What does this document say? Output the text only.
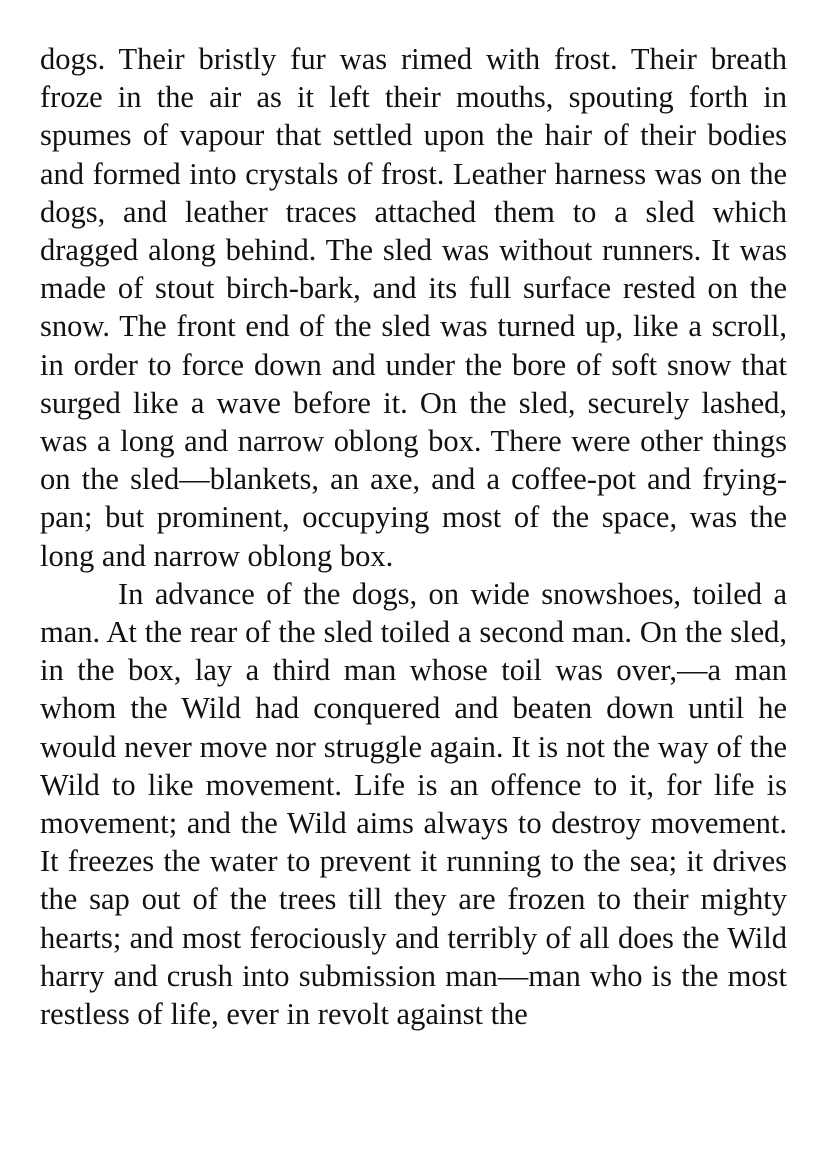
dogs. Their bristly fur was rimed with frost. Their breath froze in the air as it left their mouths, spouting forth in spumes of vapour that settled upon the hair of their bodies and formed into crystals of frost. Leather harness was on the dogs, and leather traces attached them to a sled which dragged along behind. The sled was without runners. It was made of stout birch-bark, and its full surface rested on the snow. The front end of the sled was turned up, like a scroll, in order to force down and under the bore of soft snow that surged like a wave before it. On the sled, securely lashed, was a long and narrow oblong box. There were other things on the sled—blankets, an axe, and a coffee-pot and frying-pan; but prominent, occupying most of the space, was the long and narrow oblong box.

In advance of the dogs, on wide snowshoes, toiled a man. At the rear of the sled toiled a second man. On the sled, in the box, lay a third man whose toil was over,—a man whom the Wild had conquered and beaten down until he would never move nor struggle again. It is not the way of the Wild to like movement. Life is an offence to it, for life is movement; and the Wild aims always to destroy movement. It freezes the water to prevent it running to the sea; it drives the sap out of the trees till they are frozen to their mighty hearts; and most ferociously and terribly of all does the Wild harry and crush into submission man—man who is the most restless of life, ever in revolt against the
